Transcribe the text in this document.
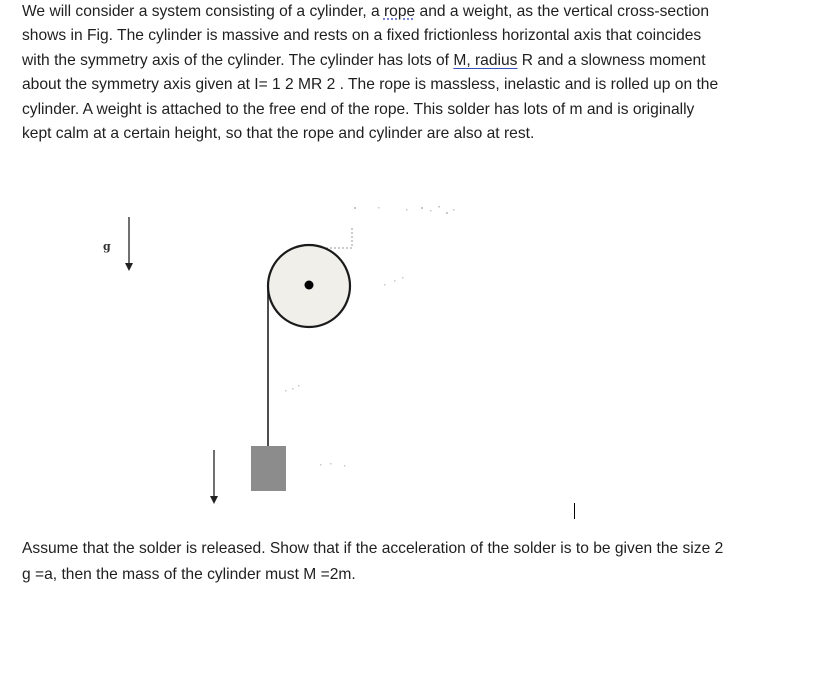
We will consider a system consisting of a cylinder, a rope and a weight, as the vertical cross-section
shows in Fig. The cylinder is massive and rests on a fixed frictionless horizontal axis that coincides
with the symmetry axis of the cylinder. The cylinder has lots of M, radius R and a slowness moment
about the symmetry axis given at I= 1 2 MR 2 . The rope is massless, inelastic and is rolled up on the
cylinder. A weight is attached to the free end of the rope. This solder has lots of m and is originally
kept calm at a certain height, so that the rope and cylinder are also at rest.

g

Assume that the solder is released. Show that if the acceleration of the solder is to be given the size 2
g =a, then the mass of the cylinder must M =2m.
